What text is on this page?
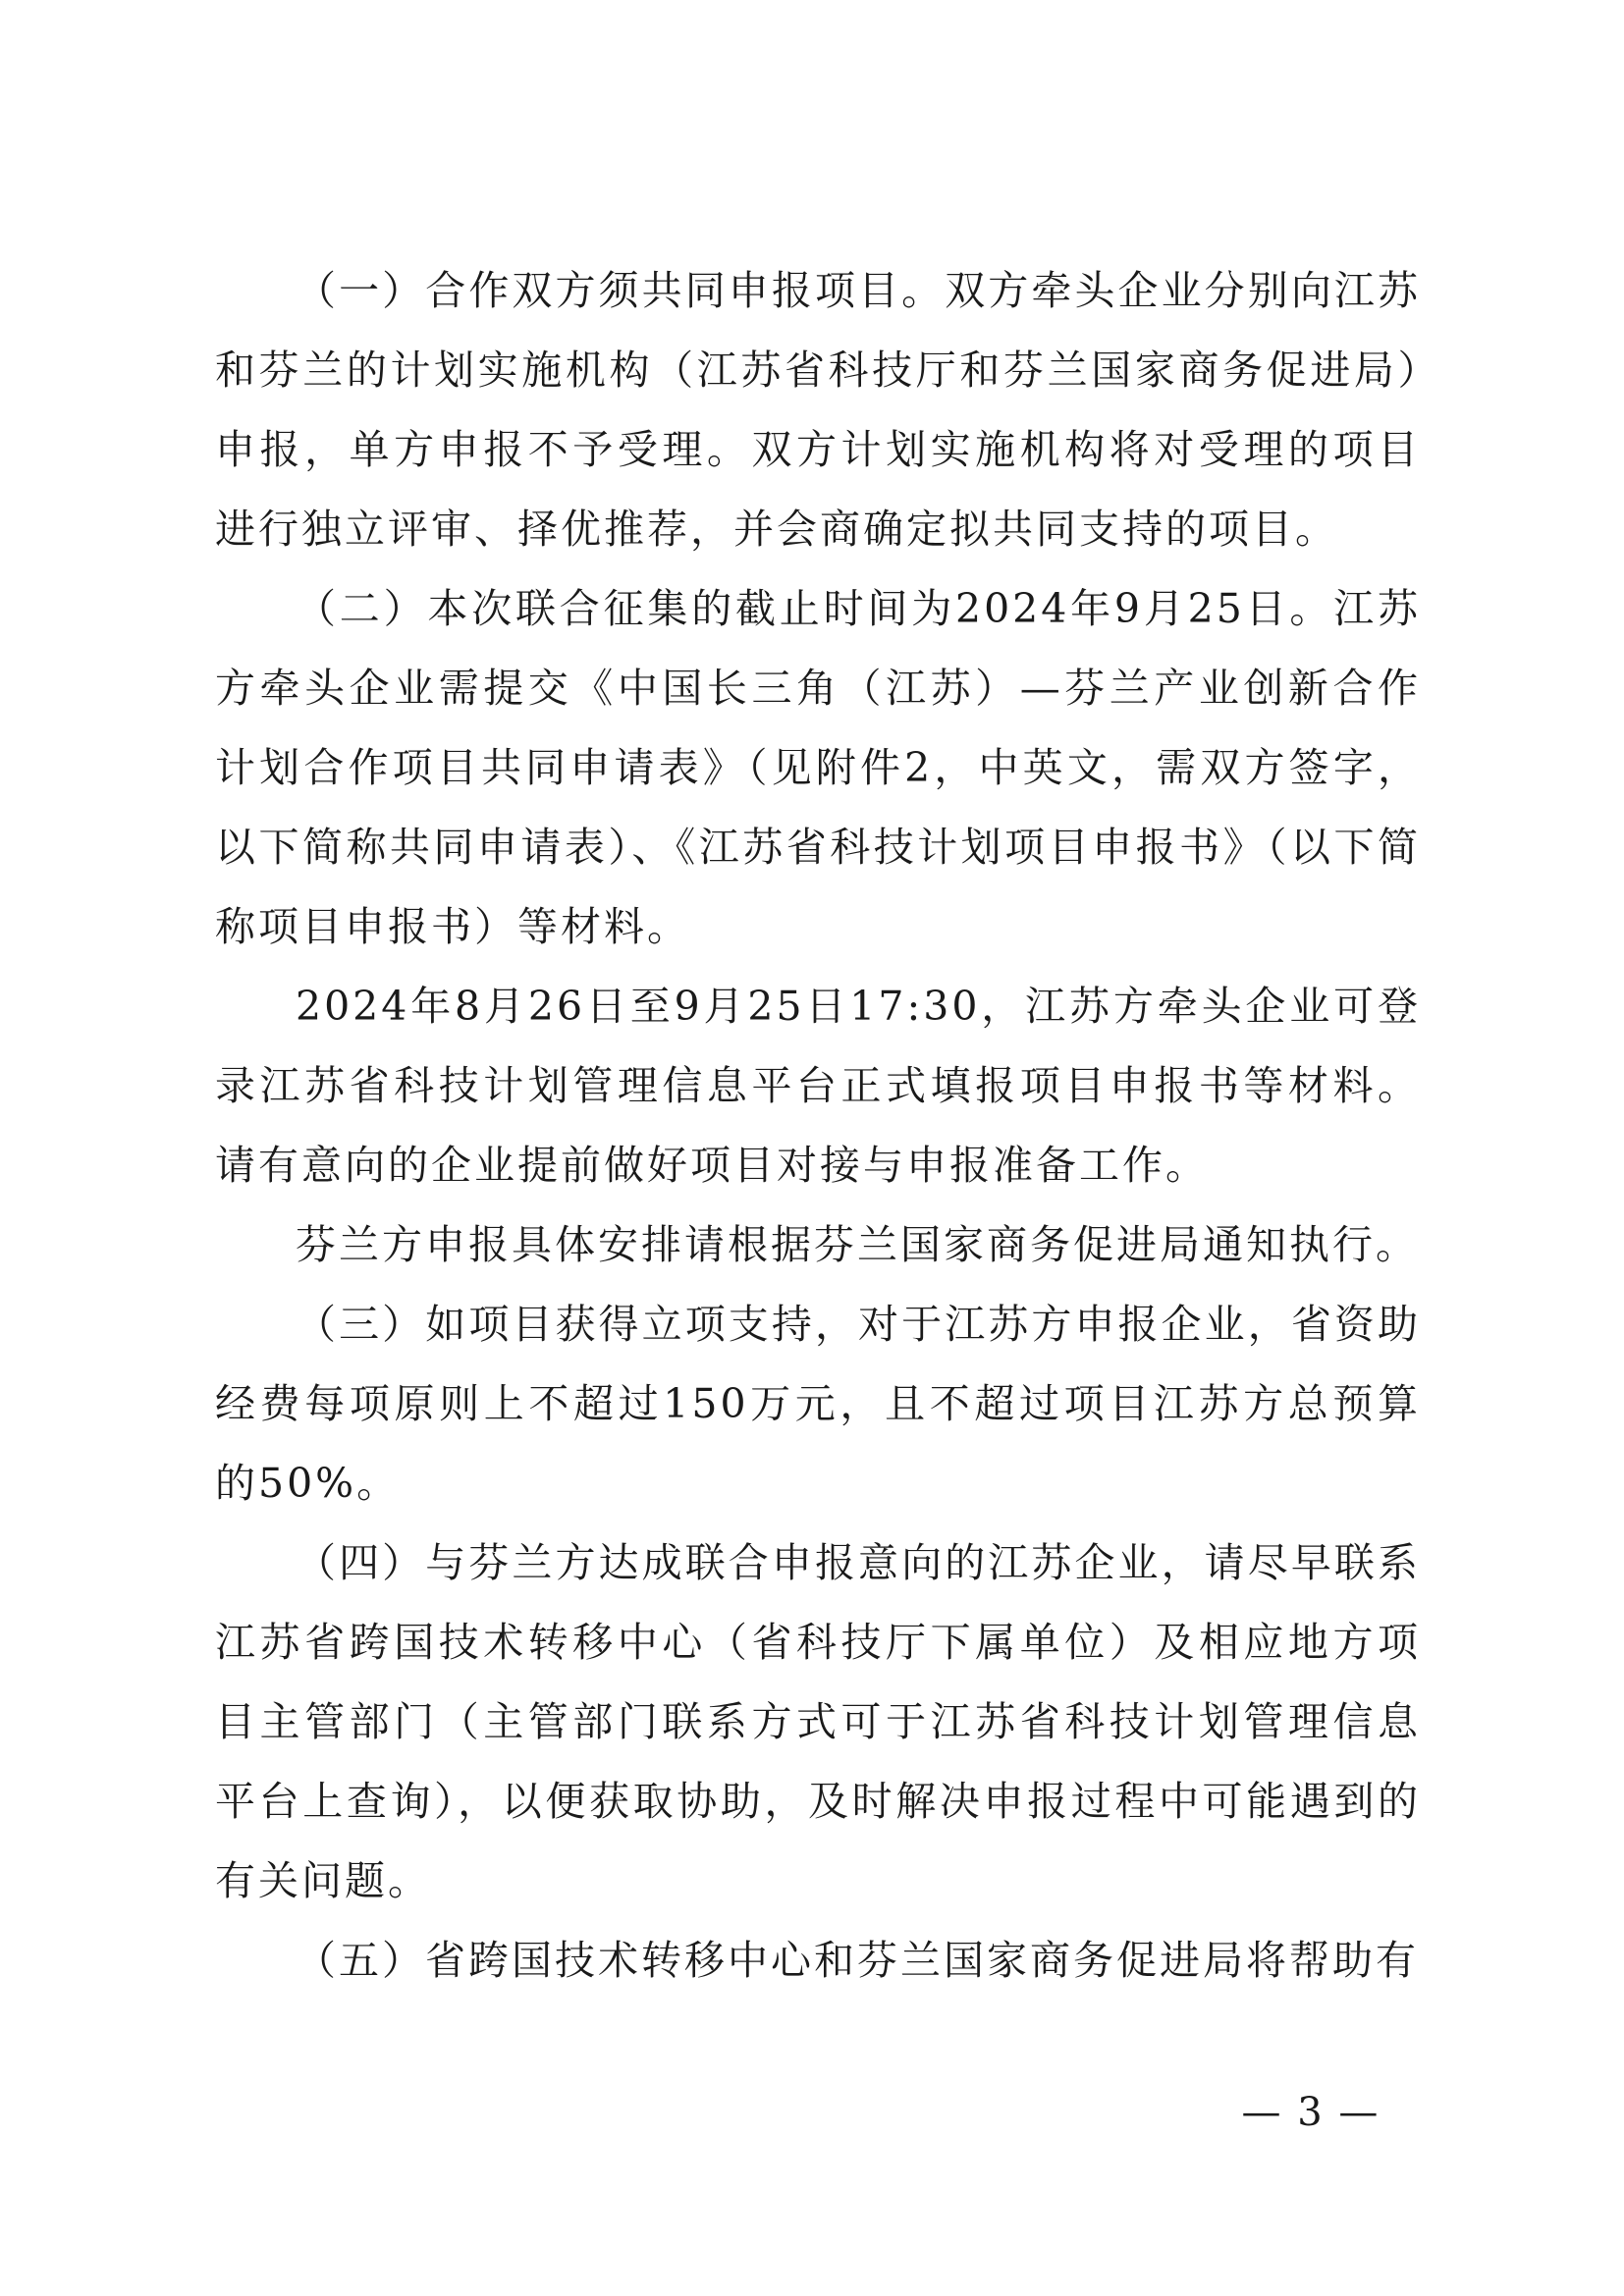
（一）合作双方须共同申报项目。双方牵头企业分别向江苏和芬兰的计划实施机构（江苏省科技厅和芬兰国家商务促进局）申报，单方申报不予受理。双方计划实施机构将对受理的项目进行独立评审、择优推荐，并会商确定拟共同支持的项目。

（二）本次联合征集的截止时间为2024年9月25日。江苏方牵头企业需提交《中国长三角（江苏）—芬兰产业创新合作计划合作项目共同申请表》（见附件2，中英文，需双方签字，以下简称共同申请表）、《江苏省科技计划项目申报书》（以下简称项目申报书）等材料。

2024年8月26日至9月25日17:30，江苏方牵头企业可登录江苏省科技计划管理信息平台正式填报项目申报书等材料。请有意向的企业提前做好项目对接与申报准备工作。

芬兰方申报具体安排请根据芬兰国家商务促进局通知执行。

（三）如项目获得立项支持，对于江苏方申报企业，省资助经费每项原则上不超过150万元，且不超过项目江苏方总预算的50%。

（四）与芬兰方达成联合申报意向的江苏企业，请尽早联系江苏省跨国技术转移中心（省科技厅下属单位）及相应地方项目主管部门（主管部门联系方式可于江苏省科技计划管理信息平台上查询），以便获取协助，及时解决申报过程中可能遇到的有关问题。

（五）省跨国技术转移中心和芬兰国家商务促进局将帮助有

— 3 —
